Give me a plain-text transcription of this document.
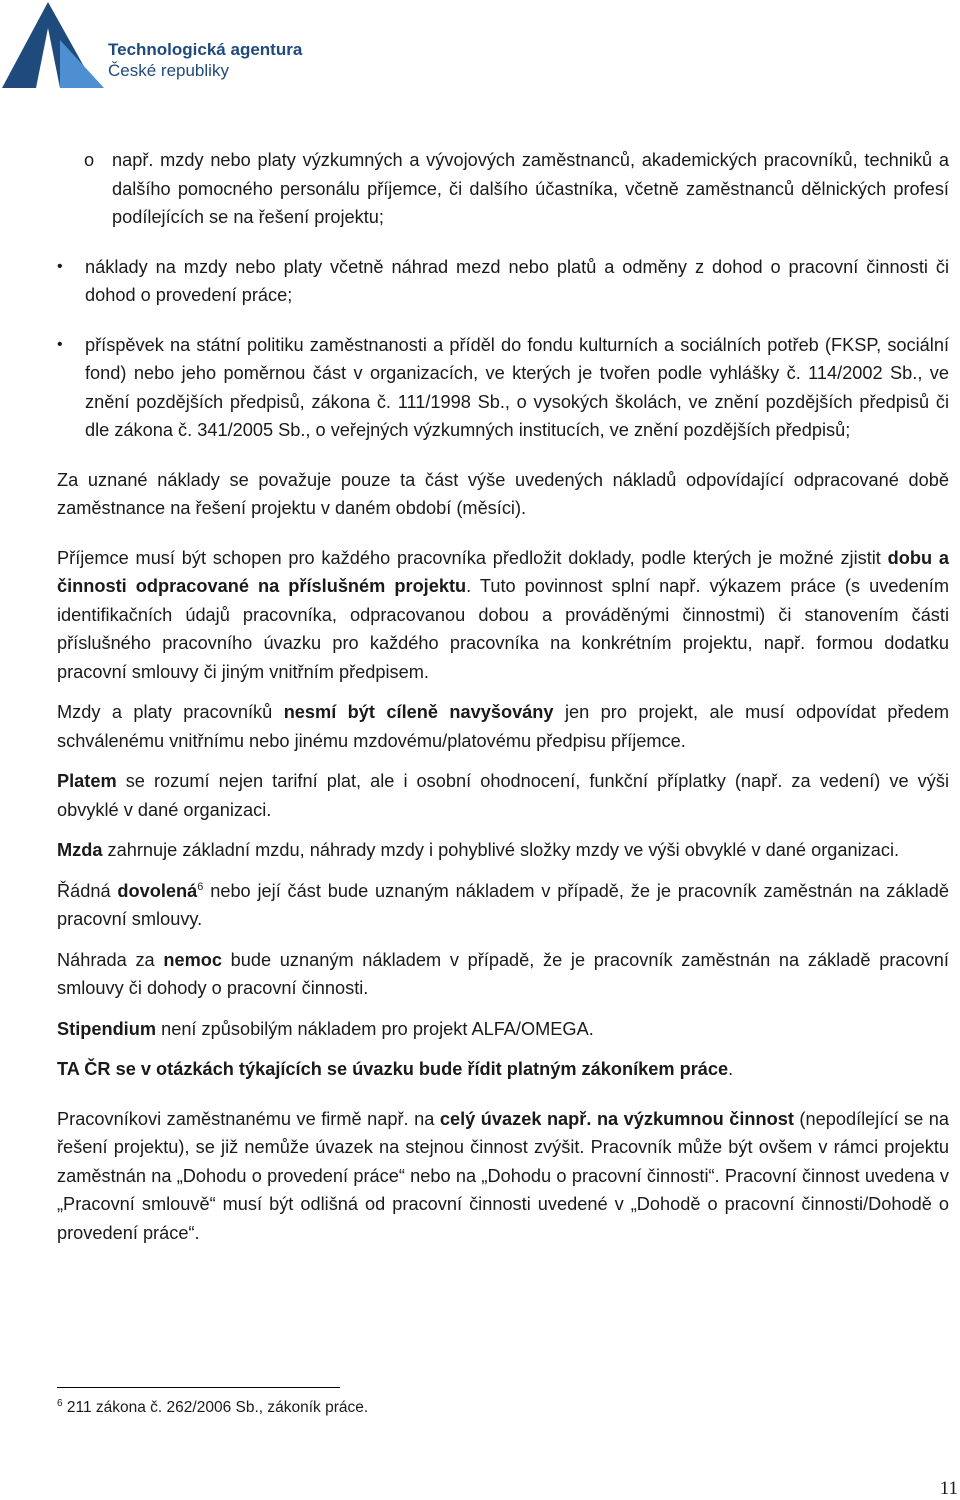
Technologická agentura
České republiky

o např. mzdy nebo platy výzkumných a vývojových zaměstnanců, akademických pracovníků, techniků a dalšího pomocného personálu příjemce, či dalšího účastníka, včetně zaměstnanců dělnických profesí podílejících se na řešení projektu;

• náklady na mzdy nebo platy včetně náhrad mezd nebo platů a odměny z dohod o pracovní činnosti či dohod o provedení práce;

• příspěvek na státní politiku zaměstnanosti a příděl do fondu kulturních a sociálních potřeb (FKSP, sociální fond) nebo jeho poměrnou část v organizacích, ve kterých je tvořen podle vyhlášky č. 114/2002 Sb., ve znění pozdějších předpisů, zákona č. 111/1998 Sb., o vysokých školách, ve znění pozdějších předpisů či dle zákona č. 341/2005 Sb., o veřejných výzkumných institucích, ve znění pozdějších předpisů;

Za uznané náklady se považuje pouze ta část výše uvedených nákladů odpovídající odpracované době zaměstnance na řešení projektu v daném období (měsíci).

Příjemce musí být schopen pro každého pracovníka předložit doklady, podle kterých je možné zjistit dobu a činnosti odpracované na příslušném projektu. Tuto povinnost splní např. výkazem práce (s uvedením identifikačních údajů pracovníka, odpracovanou dobou a prováděnými činnostmi) či stanovením části příslušného pracovního úvazku pro každého pracovníka na konkrétním projektu, např. formou dodatku pracovní smlouvy či jiným vnitřním předpisem.

Mzdy a platy pracovníků nesmí být cíleně navyšovány jen pro projekt, ale musí odpovídat předem schválenému vnitřnímu nebo jinému mzdovému/platovému předpisu příjemce.

Platem se rozumí nejen tarifní plat, ale i osobní ohodnocení, funkční příplatky (např. za vedení) ve výši obvyklé v dané organizaci.

Mzda zahrnuje základní mzdu, náhrady mzdy i pohyblivé složky mzdy ve výši obvyklé v dané organizaci.

Řádná dovolená$^6$ nebo její část bude uznaným nákladem v případě, že je pracovník zaměstnán na základě pracovní smlouvy.

Náhrada za nemoc bude uznaným nákladem v případě, že je pracovník zaměstnán na základě pracovní smlouvy či dohody o pracovní činnosti.

Stipendium není způsobilým nákladem pro projekt ALFA/OMEGA.

TA ČR se v otázkách týkajících se úvazku bude řídit platným zákoníkem práce.

Pracovníkovi zaměstnanému ve firmě např. na celý úvazek např. na výzkumnou činnost (nepodílející se na řešení projektu), se již nemůže úvazek na stejnou činnost zvýšit. Pracovník může být ovšem v rámci projektu zaměstnán na „Dohodu o provedení práce“ nebo na „Dohodu o pracovní činnosti“. Pracovní činnost uvedena v „Pracovní smlouvě“ musí být odlišná od pracovní činnosti uvedené v „Dohodě o pracovní činnosti/Dohodě o provedení práce“.

$^6$ 211 zákona č. 262/2006 Sb., zákoník práce.
11
